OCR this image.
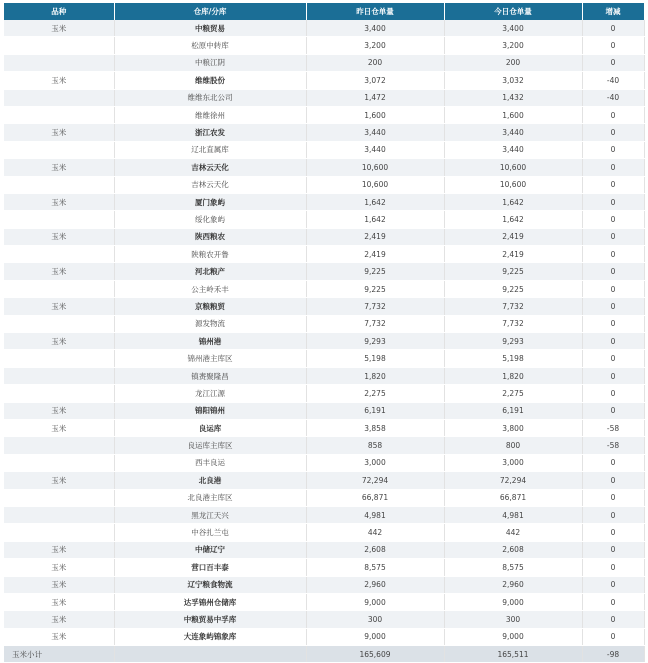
品种	仓库/分库	昨日仓单量	今日仓单量	增减
玉米	中粮贸易	3,400	3,400	0
	松原中转库	3,200	3,200	0
	中粮江阴	200	200	0
玉米	维维股份	3,072	3,032	-40
	维维东北公司	1,472	1,432	-40
	维维徐州	1,600	1,600	0
玉米	浙江农发	3,440	3,440	0
	辽北直属库	3,440	3,440	0
玉米	吉林云天化	10,600	10,600	0
	吉林云天化	10,600	10,600	0
玉米	厦门象屿	1,642	1,642	0
	绥化象屿	1,642	1,642	0
玉米	陕西粮农	2,419	2,419	0
	陕粮农开鲁	2,419	2,419	0
玉米	河北粮产	9,225	9,225	0
	公主岭禾丰	9,225	9,225	0
玉米	京粮粮贸	7,732	7,732	0
	源发物流	7,732	7,732	0
玉米	锦州港	9,293	9,293	0
	锦州港主库区	5,198	5,198	0
	镇赉聚隆昌	1,820	1,820	0
	龙江江源	2,275	2,275	0
玉米	锦阳锦州	6,191	6,191	0
玉米	良运库	3,858	3,800	-58
	良运库主库区	858	800	-58
	西丰良运	3,000	3,000	0
玉米	北良港	72,294	72,294	0
	北良港主库区	66,871	66,871	0
	黑龙江天兴	4,981	4,981	0
	中谷扎兰屯	442	442	0
玉米	中储辽宁	2,608	2,608	0
玉米	营口百丰泰	8,575	8,575	0
玉米	辽宁粮食物流	2,960	2,960	0
玉米	达孚锦州仓储库	9,000	9,000	0
玉米	中粮贸易中孚库	300	300	0
玉米	大连象屿锦象库	9,000	9,000	0
玉米小计		165,609	165,511	-98
